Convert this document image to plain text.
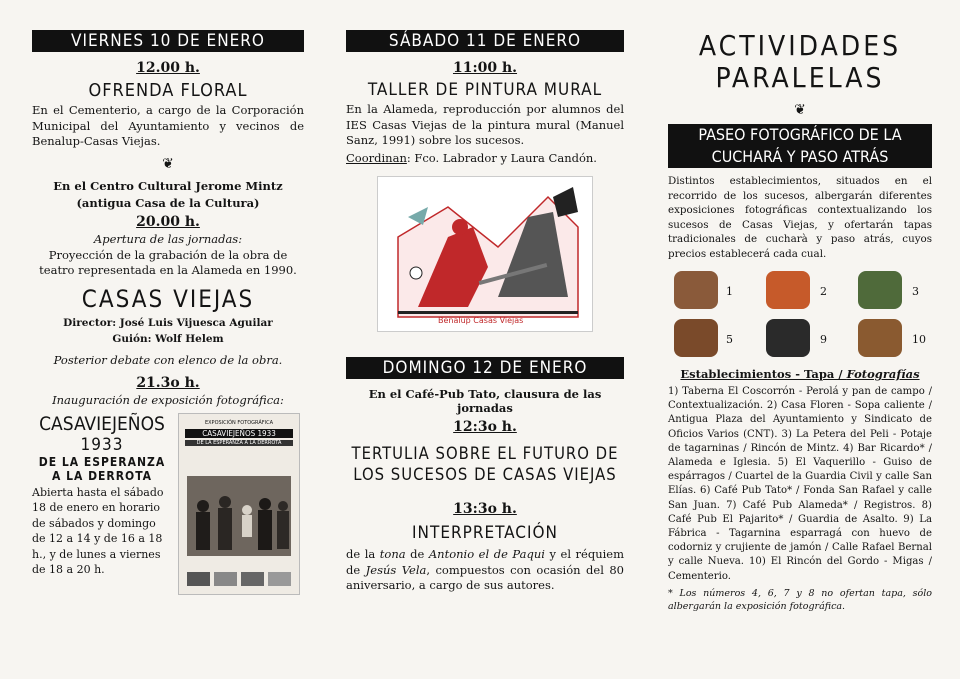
VIERNES 10 DE ENERO
12.00 h.
OFRENDA FLORAL
En el Cementerio, a cargo de la Corporación Municipal del Ayuntamiento y vecinos de Benalup-Casas Viejas.
❦
En el Centro Cultural Jerome Mintz
(antigua Casa de la Cultura)
20.00 h.
Apertura de las jornadas:
Proyección de la grabación de la obra de teatro representada en la Alameda en 1990.
CASAS VIEJAS
Director: José Luis Vijuesca Aguilar
Guión: Wolf Helem
Posterior debate con elenco de la obra.
21.3o h.
Inauguración de exposición fotográfica:
CASAVIEJEÑOS
1933
DE LA ESPERANZA
A LA DERROTA
Abierta hasta el sábado 18 de enero en horario de sábados y domingo de 12 a 14 y de 16 a 18 h., y de lunes a viernes de 18 a 20 h.
EXPOSICIÓN FOTOGRÁFICA
CASAVIEJEÑOS 1933
DE LA ESPERANZA A LA DERROTA
SÁBADO 11 DE ENERO
11:00 h.
TALLER DE PINTURA MURAL
En la Alameda, reproducción por alumnos del IES Casas Viejas de la pintura mural (Manuel Sanz, 1991) sobre los sucesos.
Coordinan: Fco. Labrador y Laura Candón.
Benalup Casas Viejas
DOMINGO 12 DE ENERO
En el Café-Pub Tato, clausura de las jornadas
12:3o h.
TERTULIA SOBRE EL FUTURO DE
LOS SUCESOS DE CASAS VIEJAS
13:3o h.
INTERPRETACIÓN
de la tona de Antonio el de Paqui y el réquiem de Jesús Vela, compuestos con ocasión del 80 aniversario, a cargo de sus autores.
ACTIVIDADES
PARALELAS
❦
PASEO FOTOGRÁFICO DE LA
CUCHARÁ Y PASO ATRÁS
Distintos establecimientos, situados en el recorrido de los sucesos, albergarán diferentes exposiciones fotográficas contextualizando los sucesos de Casas Viejas, y ofertarán tapas tradicionales de cucharà y paso atrás, cuyos precios establecerá cada cual.
1	2	3
5	9	10
Establecimientos - Tapa / Fotografías
1) Taberna El Coscorrón - Perolá y pan de campo / Contextualización. 2) Casa Floren - Sopa caliente / Antigua Plaza del Ayuntamiento y Sindicato de Oficios Varios (CNT). 3) La Petera del Peli - Potaje de tagarninas / Rincón de Mintz. 4) Bar Ricardo* / Alameda e Iglesia. 5) El Vaquerillo - Guiso de espárragos / Cuartel de la Guardia Civil y calle San Elías. 6) Café Pub Tato* / Fonda San Rafael y calle San Juan. 7) Café Pub Alameda* / Registros. 8) Café Pub El Pajarito* / Guardia de Asalto. 9) La Fábrica - Tagarnina esparragá con huevo de codorniz y crujiente de jamón / Calle Rafael Bernal y calle Nueva. 10) El Rincón del Gordo - Migas / Cementerio.
* Los números 4, 6, 7 y 8 no ofertan tapa, sólo albergarán la exposición fotográfica.
